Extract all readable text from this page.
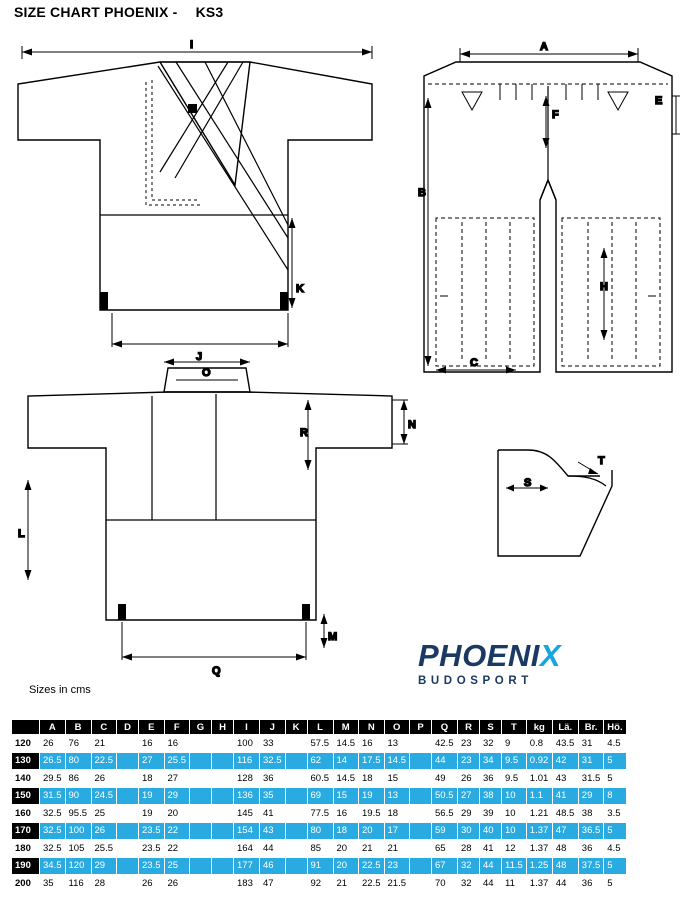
SIZE CHART PHOENIX - KS3
I
K
J
A
E
F
B
C
H
O
N
R
L
M
Q
T
S
Sizes in cms
PHOENIX
BUDOSPORT
	A	B	C	D	E	F	G	H	I	J	K	L	M	N	O	P	Q	R	S	T	kg	Lä.	Br.	Hö.
120	26	76	21		16	16			100	33		57.5	14.5	16	13		42.5	23	32	9	0.8	43.5	31	4.5
130	26.5	80	22.5		27	25.5			116	32.5		62	14	17.5	14.5		44	23	34	9.5	0.92	42	31	5
140	29.5	86	26		18	27			128	36		60.5	14.5	18	15		49	26	36	9.5	1.01	43	31.5	5
150	31.5	90	24.5		19	29			136	35		69	15	19	13		50.5	27	38	10	1.1	41	29	8
160	32.5	95.5	25		19	20			145	41		77.5	16	19.5	18		56.5	29	39	10	1.21	48.5	38	3.5
170	32.5	100	26		23.5	22			154	43		80	18	20	17		59	30	40	10	1.37	47	36.5	5
180	32.5	105	25.5		23.5	22			164	44		85	20	21	21		65	28	41	12	1.37	48	36	4.5
190	34.5	120	29		23.5	25			177	46		91	20	22.5	23		67	32	44	11.5	1.25	48	37.5	5
200	35	116	28		26	26			183	47		92	21	22.5	21.5		70	32	44	11	1.37	44	36	5
